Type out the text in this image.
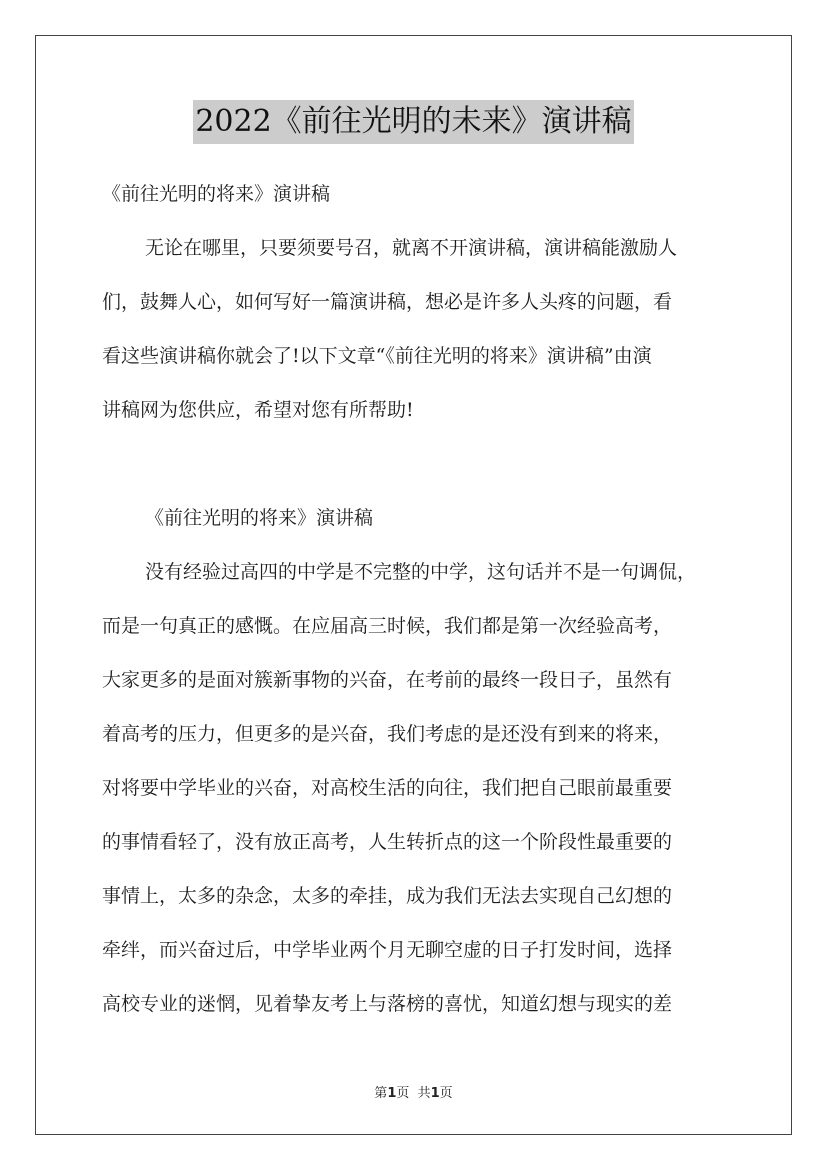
2022《前往光明的未来》演讲稿
《前往光明的将来》演讲稿
无论在哪里，只要须要号召，就离不开演讲稿，演讲稿能激励人
们，鼓舞人心，如何写好一篇演讲稿，想必是许多人头疼的问题，看
看这些演讲稿你就会了!以下文章“《前往光明的将来》演讲稿”由演
讲稿网为您供应，希望对您有所帮助!
《前往光明的将来》演讲稿
没有经验过高四的中学是不完整的中学，这句话并不是一句调侃，
而是一句真正的感慨。在应届高三时候，我们都是第一次经验高考，
大家更多的是面对簇新事物的兴奋，在考前的最终一段日子，虽然有
着高考的压力，但更多的是兴奋，我们考虑的是还没有到来的将来，
对将要中学毕业的兴奋，对高校生活的向往，我们把自己眼前最重要
的事情看轻了，没有放正高考，人生转折点的这一个阶段性最重要的
事情上，太多的杂念，太多的牵挂，成为我们无法去实现自己幻想的
牵绊，而兴奋过后，中学毕业两个月无聊空虚的日子打发时间，选择
高校专业的迷惘，见着挚友考上与落榜的喜忧，知道幻想与现实的差
第1页  共1页
